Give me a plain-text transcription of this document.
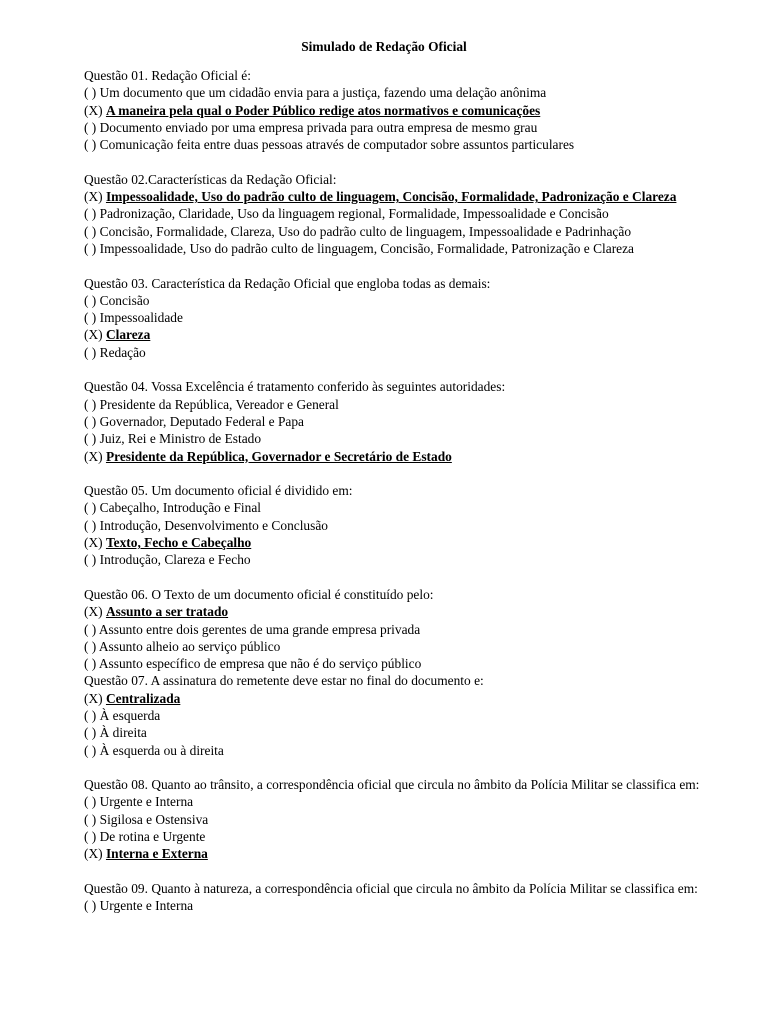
Simulado de Redação Oficial
Questão 01. Redação Oficial é:
( ) Um documento que um cidadão envia para a justiça, fazendo uma delação anônima
(X) A maneira pela qual o Poder Público redige atos normativos e comunicações
( ) Documento enviado por uma empresa privada para outra empresa de mesmo grau
( ) Comunicação feita entre duas pessoas através de computador sobre assuntos particulares
Questão 02.Características da Redação Oficial:
(X) Impessoalidade, Uso do padrão culto de linguagem, Concisão, Formalidade, Padronização e Clareza
( ) Padronização, Claridade, Uso da linguagem regional, Formalidade, Impessoalidade e Concisão
( ) Concisão, Formalidade, Clareza, Uso do padrão culto de linguagem, Impessoalidade e Padrinhação
( ) Impessoalidade, Uso do padrão culto de linguagem, Concisão, Formalidade, Patronização e Clareza
Questão 03. Característica da Redação Oficial que engloba todas as demais:
( ) Concisão
( ) Impessoalidade
(X) Clareza
( ) Redação
Questão 04. Vossa Excelência é tratamento conferido às seguintes autoridades:
( ) Presidente da República, Vereador e General
( ) Governador, Deputado Federal e Papa
( ) Juiz, Rei e Ministro de Estado
(X) Presidente da República, Governador e Secretário de Estado
Questão 05. Um documento oficial é dividido em:
( ) Cabeçalho, Introdução e Final
( ) Introdução, Desenvolvimento e Conclusão
(X) Texto, Fecho e Cabeçalho
( ) Introdução, Clareza e Fecho
Questão 06. O Texto de um documento oficial é constituído pelo:
(X) Assunto a ser tratado
( ) Assunto entre dois gerentes de uma grande empresa privada
( ) Assunto alheio ao serviço público
( ) Assunto específico de empresa que não é do serviço público
Questão 07. A assinatura do remetente deve estar no final do documento e:
(X) Centralizada
( ) À esquerda
( ) À direita
( ) À esquerda ou à direita
Questão 08. Quanto ao trânsito, a correspondência oficial que circula no âmbito da Polícia Militar se classifica em:
( ) Urgente e Interna
( ) Sigilosa e Ostensiva
( ) De rotina e Urgente
(X) Interna e Externa
Questão 09. Quanto à natureza, a correspondência oficial que circula no âmbito da Polícia Militar se classifica em:
( ) Urgente e Interna
